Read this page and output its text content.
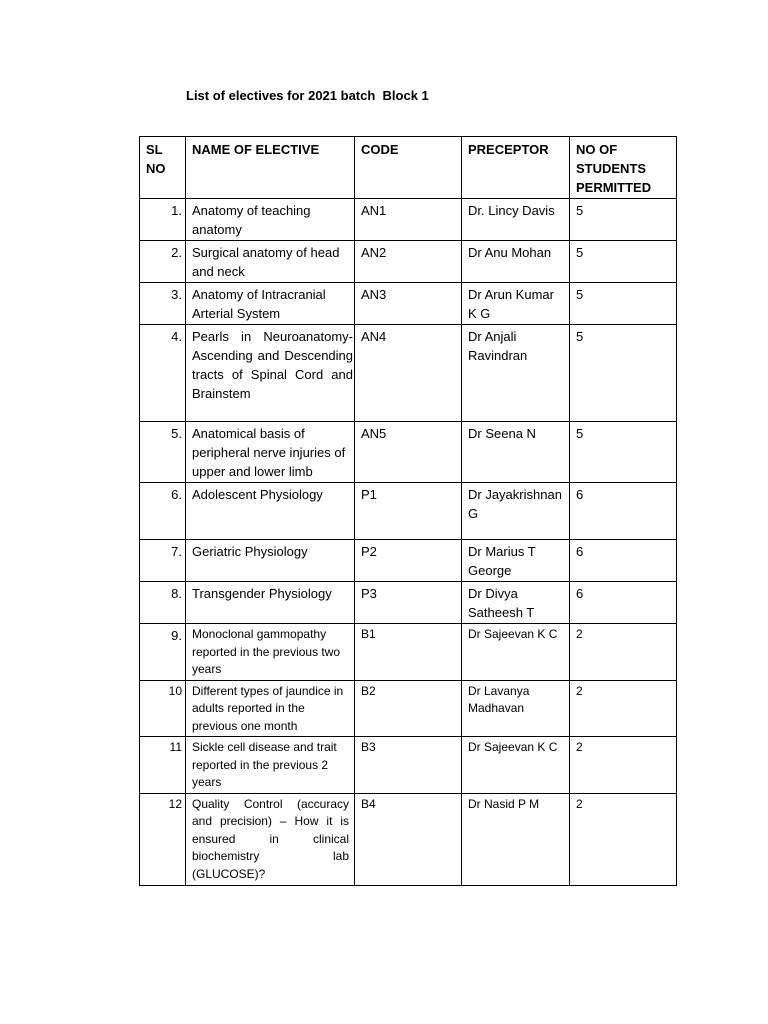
List of electives for 2021 batch  Block 1
SL NO	NAME OF ELECTIVE	CODE	PRECEPTOR	NO OF STUDENTS PERMITTED
1.	Anatomy of teaching anatomy	AN1	Dr. Lincy Davis	5
2.	Surgical anatomy of head and neck	AN2	Dr Anu Mohan	5
3.	Anatomy of Intracranial Arterial System	AN3	Dr Arun Kumar K G	5
4.	Pearls in Neuroanatomy- Ascending and Descending tracts of Spinal Cord and Brainstem	AN4	Dr Anjali Ravindran	5
5.	Anatomical basis of peripheral nerve injuries of upper and lower limb	AN5	Dr Seena N	5
6.	Adolescent Physiology	P1	Dr Jayakrishnan G	6
7.	Geriatric Physiology	P2	Dr Marius T George	6
8.	Transgender Physiology	P3	Dr Divya Satheesh T	6
9.	Monoclonal gammopathy reported in the previous two years	B1	Dr Sajeevan K C	2
10	Different types of jaundice in adults reported in the previous one month	B2	Dr Lavanya Madhavan	2
11	Sickle cell disease and trait reported in the previous 2 years	B3	Dr Sajeevan K C	2
12	Quality Control (accuracy and precision) – How it is ensured in clinical biochemistry lab (GLUCOSE)?	B4	Dr Nasid P M	2
